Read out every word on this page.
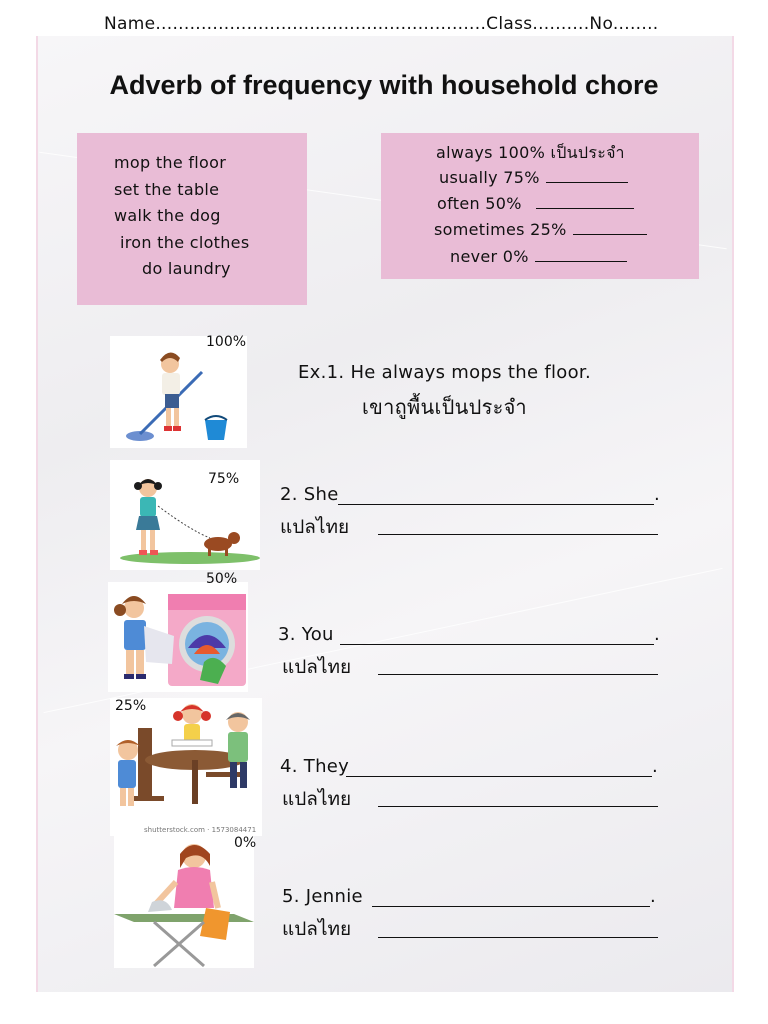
Name..........................................................Class..........No........
Adverb of frequency with household chore
mop the floor
set the table
walk the dog
iron the clothes
do laundry
always 100% เป็นประจำ
usually 75%
often 50%
sometimes 25%
never 0%
100%
Ex.1. He always mops the floor.
เขาถูพื้นเป็นประจำ
75%
50%
25%
shutterstock.com · 1573084471
0%
2. She	.
แปลไทย
3. You	.
แปลไทย
4. They	.
แปลไทย
5. Jennie	.
แปลไทย
